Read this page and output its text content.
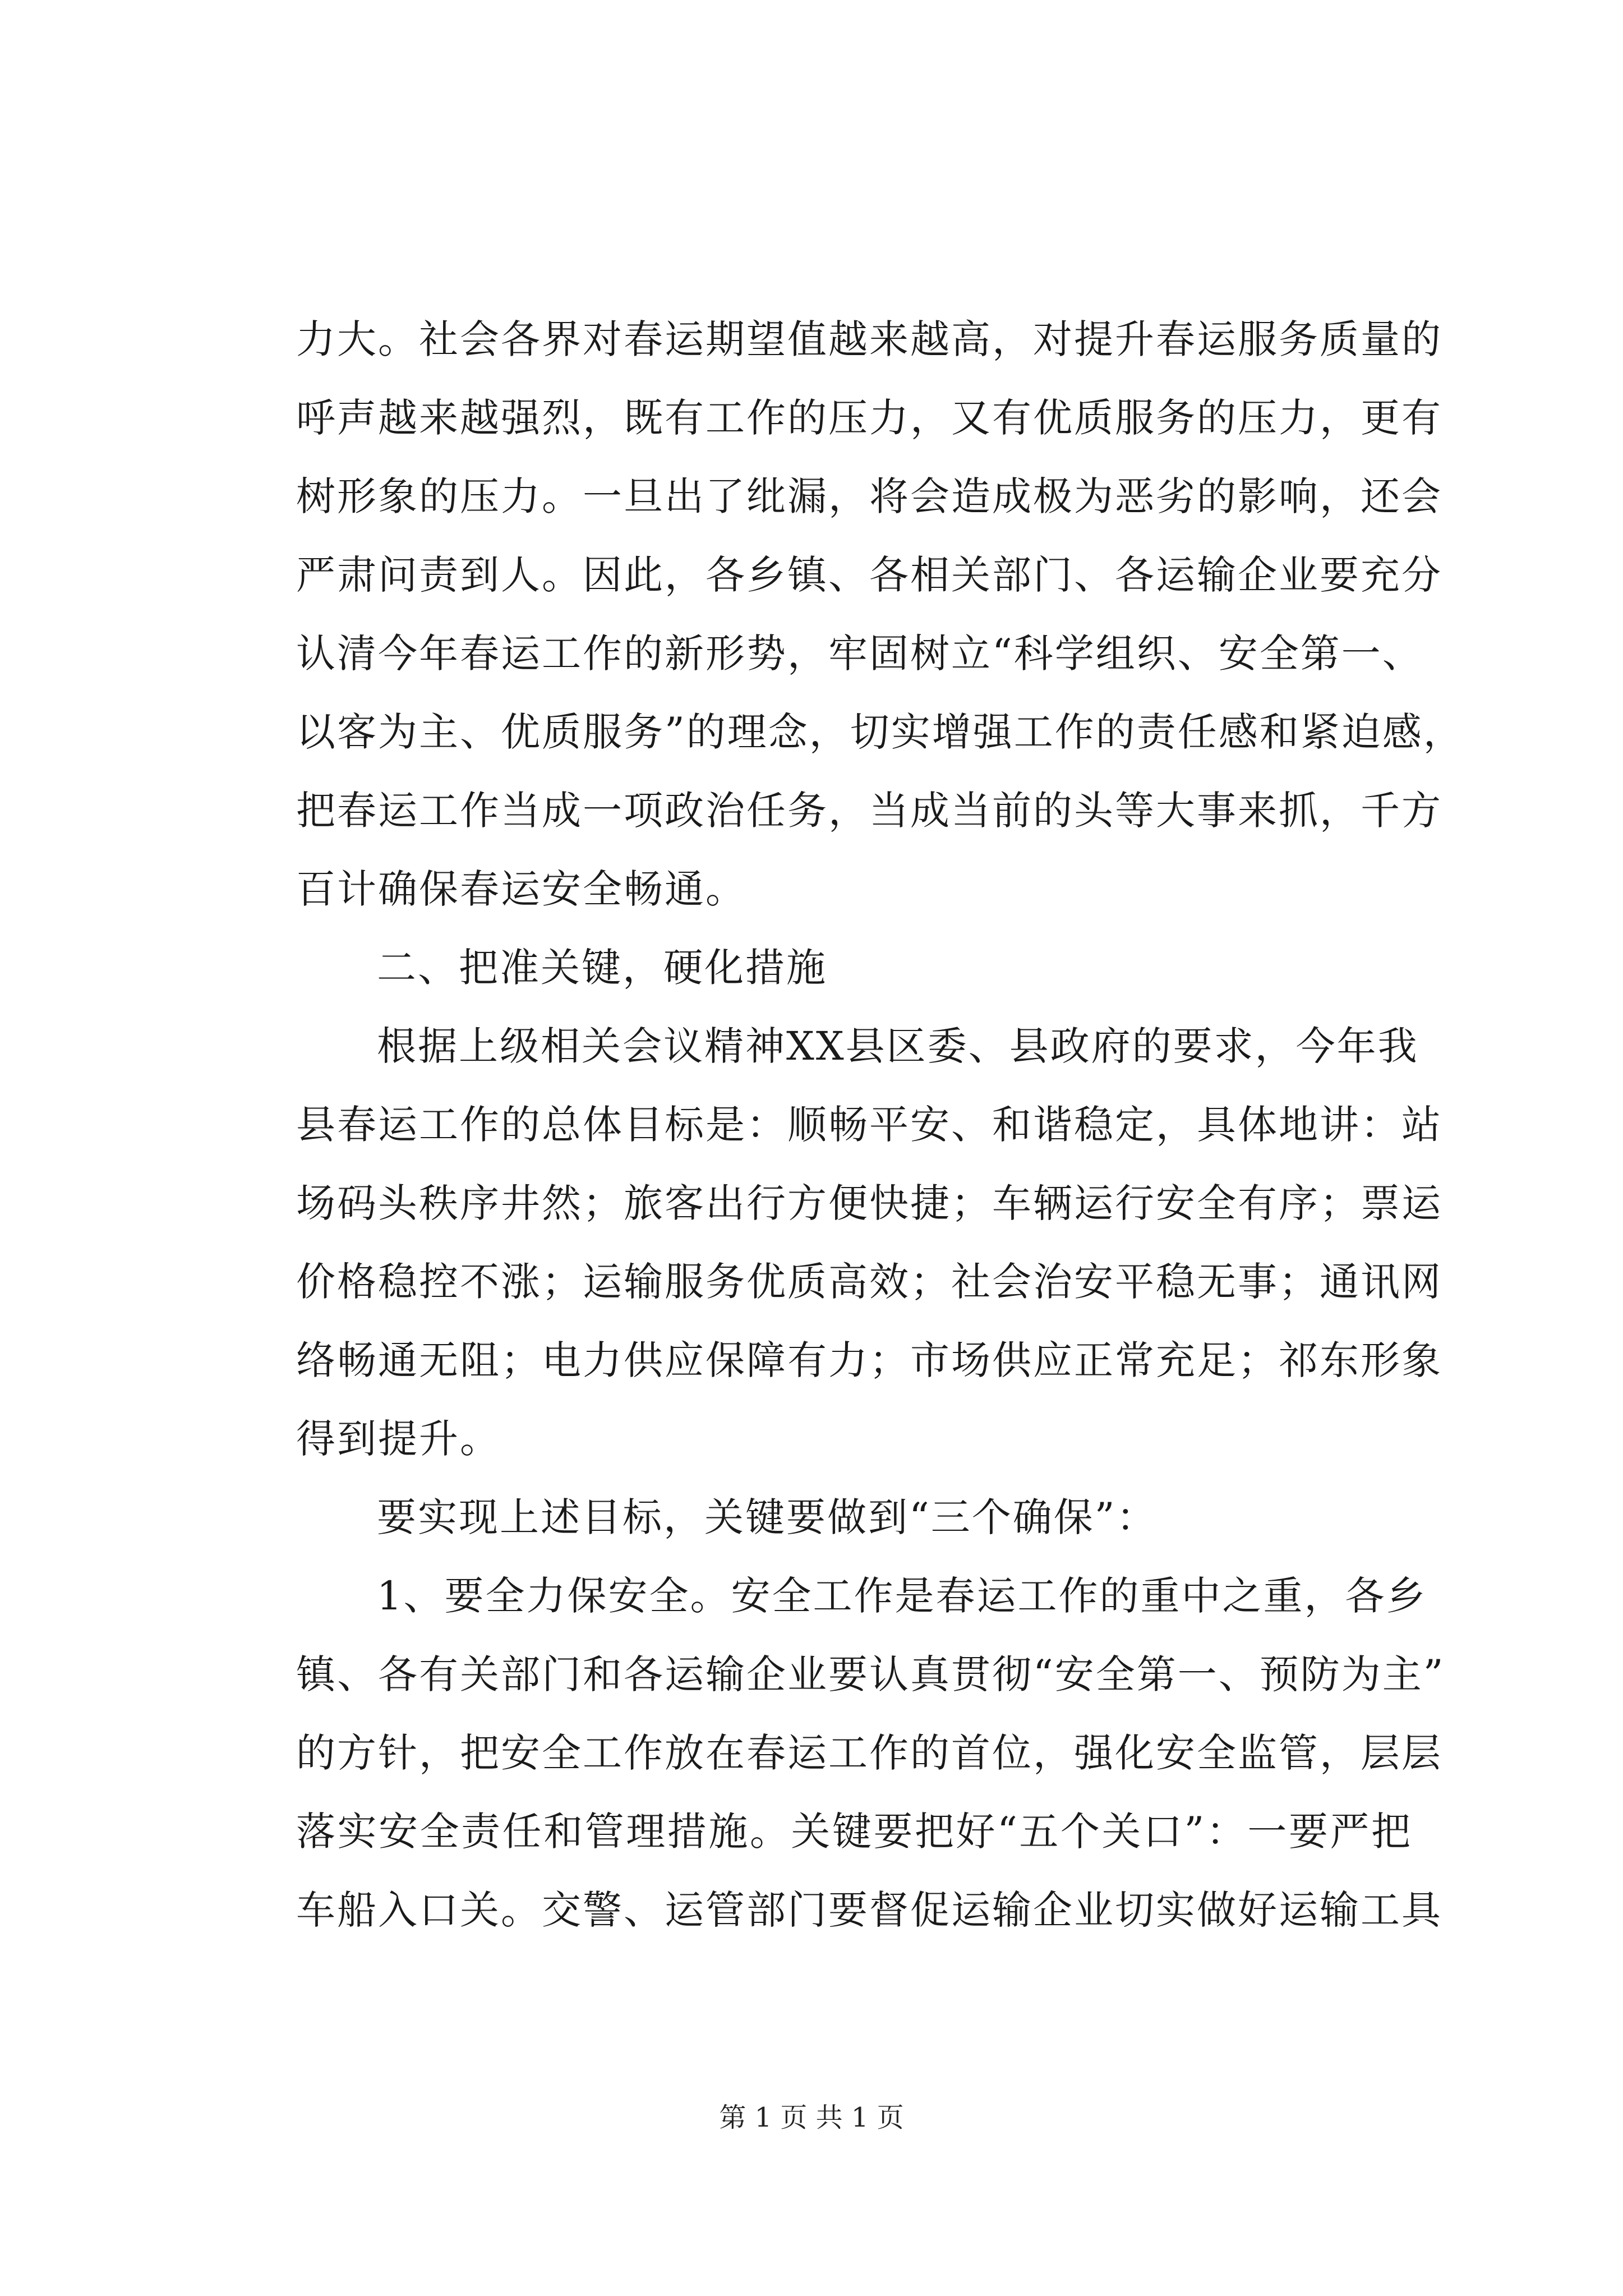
力大。社会各界对春运期望值越来越高，对提升春运服务质量的
呼声越来越强烈，既有工作的压力，又有优质服务的压力，更有
树形象的压力。一旦出了纰漏，将会造成极为恶劣的影响，还会
严肃问责到人。因此，各乡镇、各相关部门、各运输企业要充分
认清今年春运工作的新形势，牢固树立“科学组织、安全第一、
以客为主、优质服务”的理念，切实增强工作的责任感和紧迫感，
把春运工作当成一项政治任务，当成当前的头等大事来抓，千方
百计确保春运安全畅通。
二、把准关键，硬化措施
根据上级相关会议精神XX县区委、县政府的要求，今年我
县春运工作的总体目标是：顺畅平安、和谐稳定，具体地讲：站
场码头秩序井然；旅客出行方便快捷；车辆运行安全有序；票运
价格稳控不涨；运输服务优质高效；社会治安平稳无事；通讯网
络畅通无阻；电力供应保障有力；市场供应正常充足；祁东形象
得到提升。
要实现上述目标，关键要做到“三个确保”：
1、要全力保安全。安全工作是春运工作的重中之重，各乡
镇、各有关部门和各运输企业要认真贯彻“安全第一、预防为主”
的方针，把安全工作放在春运工作的首位，强化安全监管，层层
落实安全责任和管理措施。关键要把好“五个关口”：一要严把
车船入口关。交警、运管部门要督促运输企业切实做好运输工具
第 1 页 共 1 页
